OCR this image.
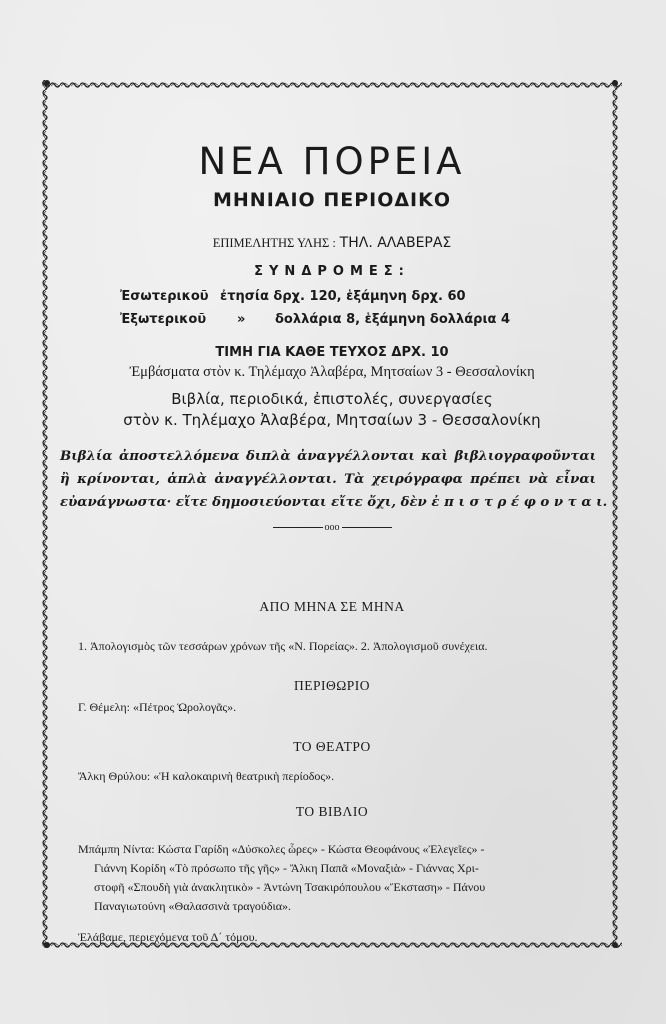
ΝΕΑ ΠΟΡΕΙΑ
ΜΗΝΙΑΙΟ ΠΕΡΙΟΔΙΚΟ
ΕΠΙΜΕΛΗΤΗΣ ΥΛΗΣ : ΤΗΛ. ΑΛΑΒΕΡΑΣ
ΣΥΝΔΡΟΜΕΣ:
Ἐσωτερικοῦ ἐτησία δρχ. 120, ἑξάμηνη δρχ. 60
Ἐξωτερικοῦ » δολλάρια 8, ἑξάμηνη δολλάρια 4
ΤΙΜΗ ΓΙΑ ΚΑΘΕ ΤΕΥΧΟΣ ΔΡΧ. 10
Ἐμβάσματα στὸν κ. Τηλέμαχο Ἀλαβέρα, Μητσαίων 3 - Θεσσαλονίκη
Βιβλία, περιοδικά, ἐπιστολές, συνεργασίες
στὸν κ. Τηλέμαχο Ἀλαβέρα, Μητσαίων 3 - Θεσσαλονίκη
Βιβλία ἀποστελλόμενα διπλὰ ἀναγγέλλονται καὶ βιβλιογραφοῦνται
ἢ κρίνονται, ἁπλὰ ἀναγγέλλονται. Τὰ χειρόγραφα πρέπει νὰ εἶναι
εὐανάγνωστα· εἴτε δημοσιεύονται εἴτε ὄχι, δὲν ἐ π ι σ τ ρ έ φ ο ν τ α ι.
ooo
ΑΠΟ ΜΗΝΑ ΣΕ ΜΗΝΑ
1. Ἀπολογισμὸς τῶν τεσσάρων χρόνων τῆς «Ν. Πορείας». 2. Ἀπολογισμοῦ συνέχεια.
ΠΕΡΙΘΩΡΙΟ
Γ. Θέμελη: «Πέτρος Ὡρολογᾶς».
ΤΟ ΘΕΑΤΡΟ
Ἄλκη Θρύλου: «Ἡ καλοκαιρινὴ θεατρικὴ περίοδος».
ΤΟ ΒΙΒΛΙΟ
Μπάμπη Νίντα: Κώστα Γαρίδη «Δύσκολες ὧρες» - Κώστα Θεοφάνους «Ἐλεγεῖες» -
Γιάννη Κορίδη «Τὸ πρόσωπο τῆς γῆς» - Ἄλκη Παπᾶ «Μοναξιὰ» - Γιάννας Χρι-
στοφῆ «Σπουδὴ γιὰ ἀνακλητικὸ» - Ἀντώνη Τσακιρόπουλου «Ἔκσταση» - Πάνου
Παναγιωτούνη «Θαλασσινὰ τραγούδια».
Ἐλάβαμε, περιεχόμενα τοῦ Δ΄ τόμου.
